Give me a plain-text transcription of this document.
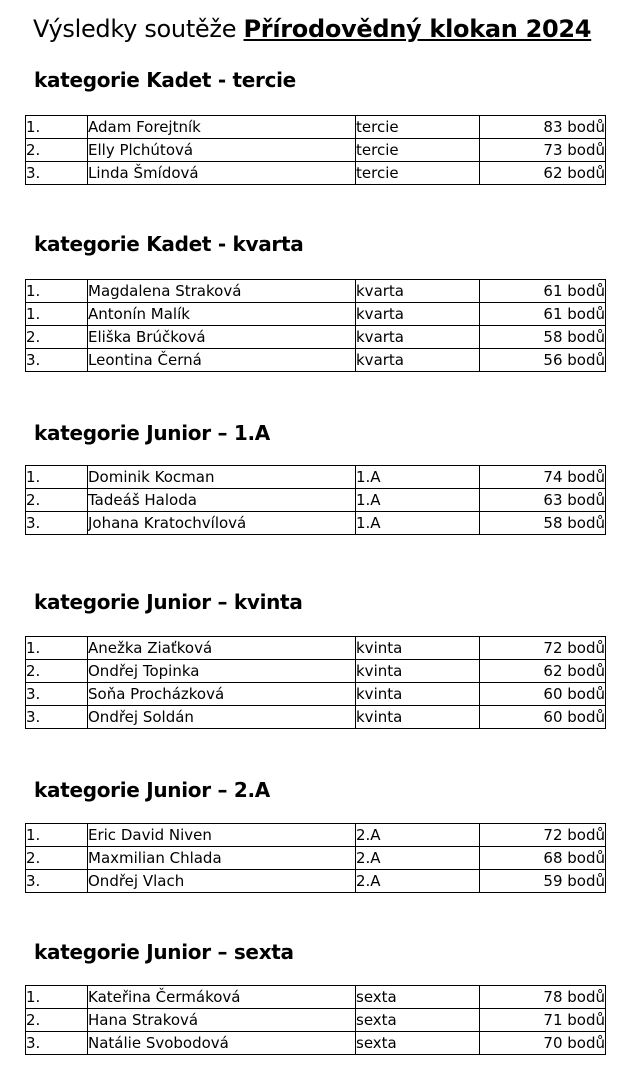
Výsledky soutěže Přírodovědný klokan 2024
kategorie Kadet - tercie
1.	Adam Forejtník	tercie	83 bodů
2.	Elly Plchútová	tercie	73 bodů
3.	Linda Šmídová	tercie	62 bodů
kategorie Kadet - kvarta
1.	Magdalena Straková	kvarta	61 bodů
1.	Antonín Malík	kvarta	61 bodů
2.	Eliška Brúčková	kvarta	58 bodů
3.	Leontina Černá	kvarta	56 bodů
kategorie Junior – 1.A
1.	Dominik Kocman	1.A	74 bodů
2.	Tadeáš Haloda	1.A	63 bodů
3.	Johana Kratochvílová	1.A	58 bodů
kategorie Junior – kvinta
1.	Anežka Ziaťková	kvinta	72 bodů
2.	Ondřej Topinka	kvinta	62 bodů
3.	Soňa Procházková	kvinta	60 bodů
3.	Ondřej Soldán	kvinta	60 bodů
kategorie Junior – 2.A
1.	Eric David Niven	2.A	72 bodů
2.	Maxmilian Chlada	2.A	68 bodů
3.	Ondřej Vlach	2.A	59 bodů
kategorie Junior – sexta
1.	Kateřina Čermáková	sexta	78 bodů
2.	Hana Straková	sexta	71 bodů
3.	Natálie Svobodová	sexta	70 bodů
